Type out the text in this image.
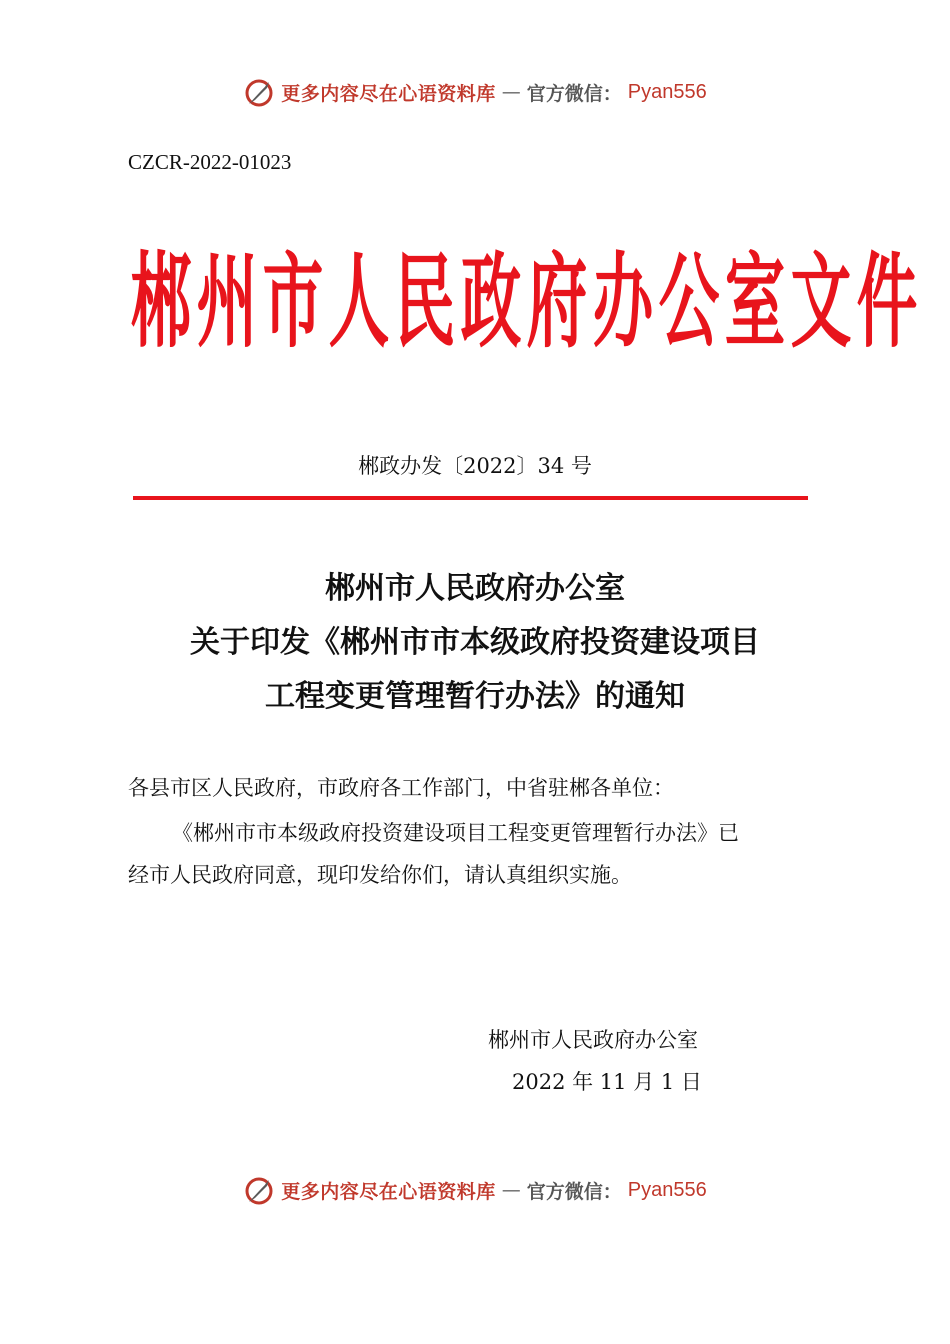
更多内容尽在心语资料库 — 官方微信： Pyan556
CZCR-2022-01023
郴 州 市 人 民 政 府 办 公 室 文 件
郴政办发〔2022〕34 号
郴州市人民政府办公室
关于印发《郴州市市本级政府投资建设项目
工程变更管理暂行办法》的通知
各县市区人民政府，市政府各工作部门，中省驻郴各单位：
《郴州市市本级政府投资建设项目工程变更管理暂行办法》已
经市人民政府同意，现印发给你们，请认真组织实施。
郴州市人民政府办公室
2022 年 11 月 1 日
更多内容尽在心语资料库 — 官方微信： Pyan556
